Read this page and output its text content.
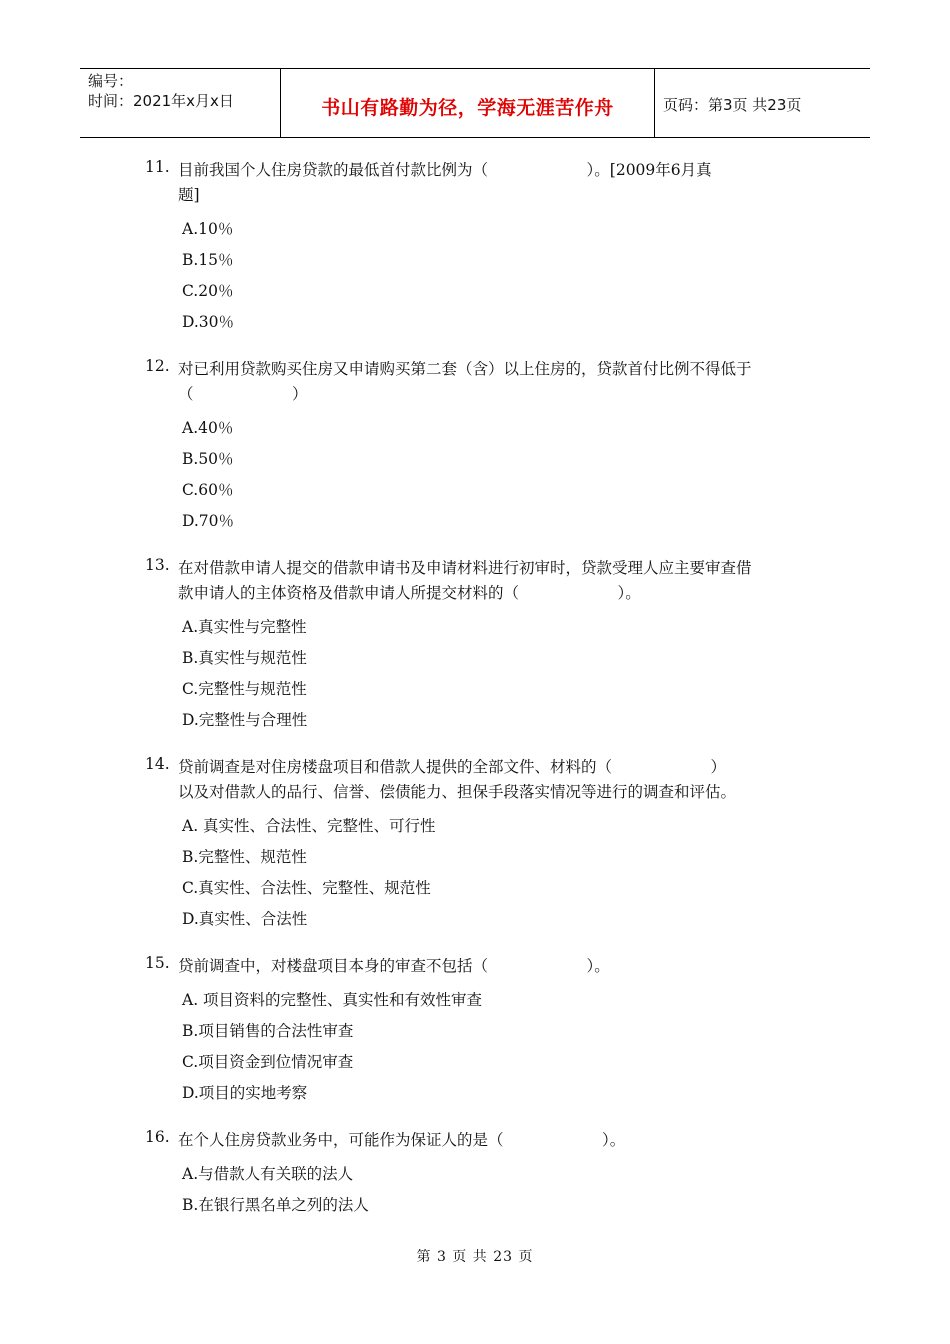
编号：
时间：2021年x月x日	书山有路勤为径，学海无涯苦作舟	页码：第3页 共23页
11. 目前我国个人住房贷款的最低首付款比例为（                    ）。[2009年6月真
题]
A.10％
B.15％
C.20％
D.30％
12. 对已利用贷款购买住房又申请购买第二套（含）以上住房的，贷款首付比例不得低于
（                    ）
A.40％
B.50％
C.60％
D.70％
13. 在对借款申请人提交的借款申请书及申请材料进行初审时，贷款受理人应主要审查借
款申请人的主体资格及借款申请人所提交材料的（                    ）。
A.真实性与完整性
B.真实性与规范性
C.完整性与规范性
D.完整性与合理性
14. 贷前调查是对住房楼盘项目和借款人提供的全部文件、材料的（                    ）
以及对借款人的品行、信誉、偿债能力、担保手段落实情况等进行的调查和评估。
A. 真实性、合法性、完整性、可行性
B.完整性、规范性
C.真实性、合法性、完整性、规范性
D.真实性、合法性
15. 贷前调查中，对楼盘项目本身的审查不包括（                    ）。
A. 项目资料的完整性、真实性和有效性审查
B.项目销售的合法性审查
C.项目资金到位情况审查
D.项目的实地考察
16. 在个人住房贷款业务中，可能作为保证人的是（                    ）。
A.与借款人有关联的法人
B.在银行黑名单之列的法人
第 3 页 共 23 页
